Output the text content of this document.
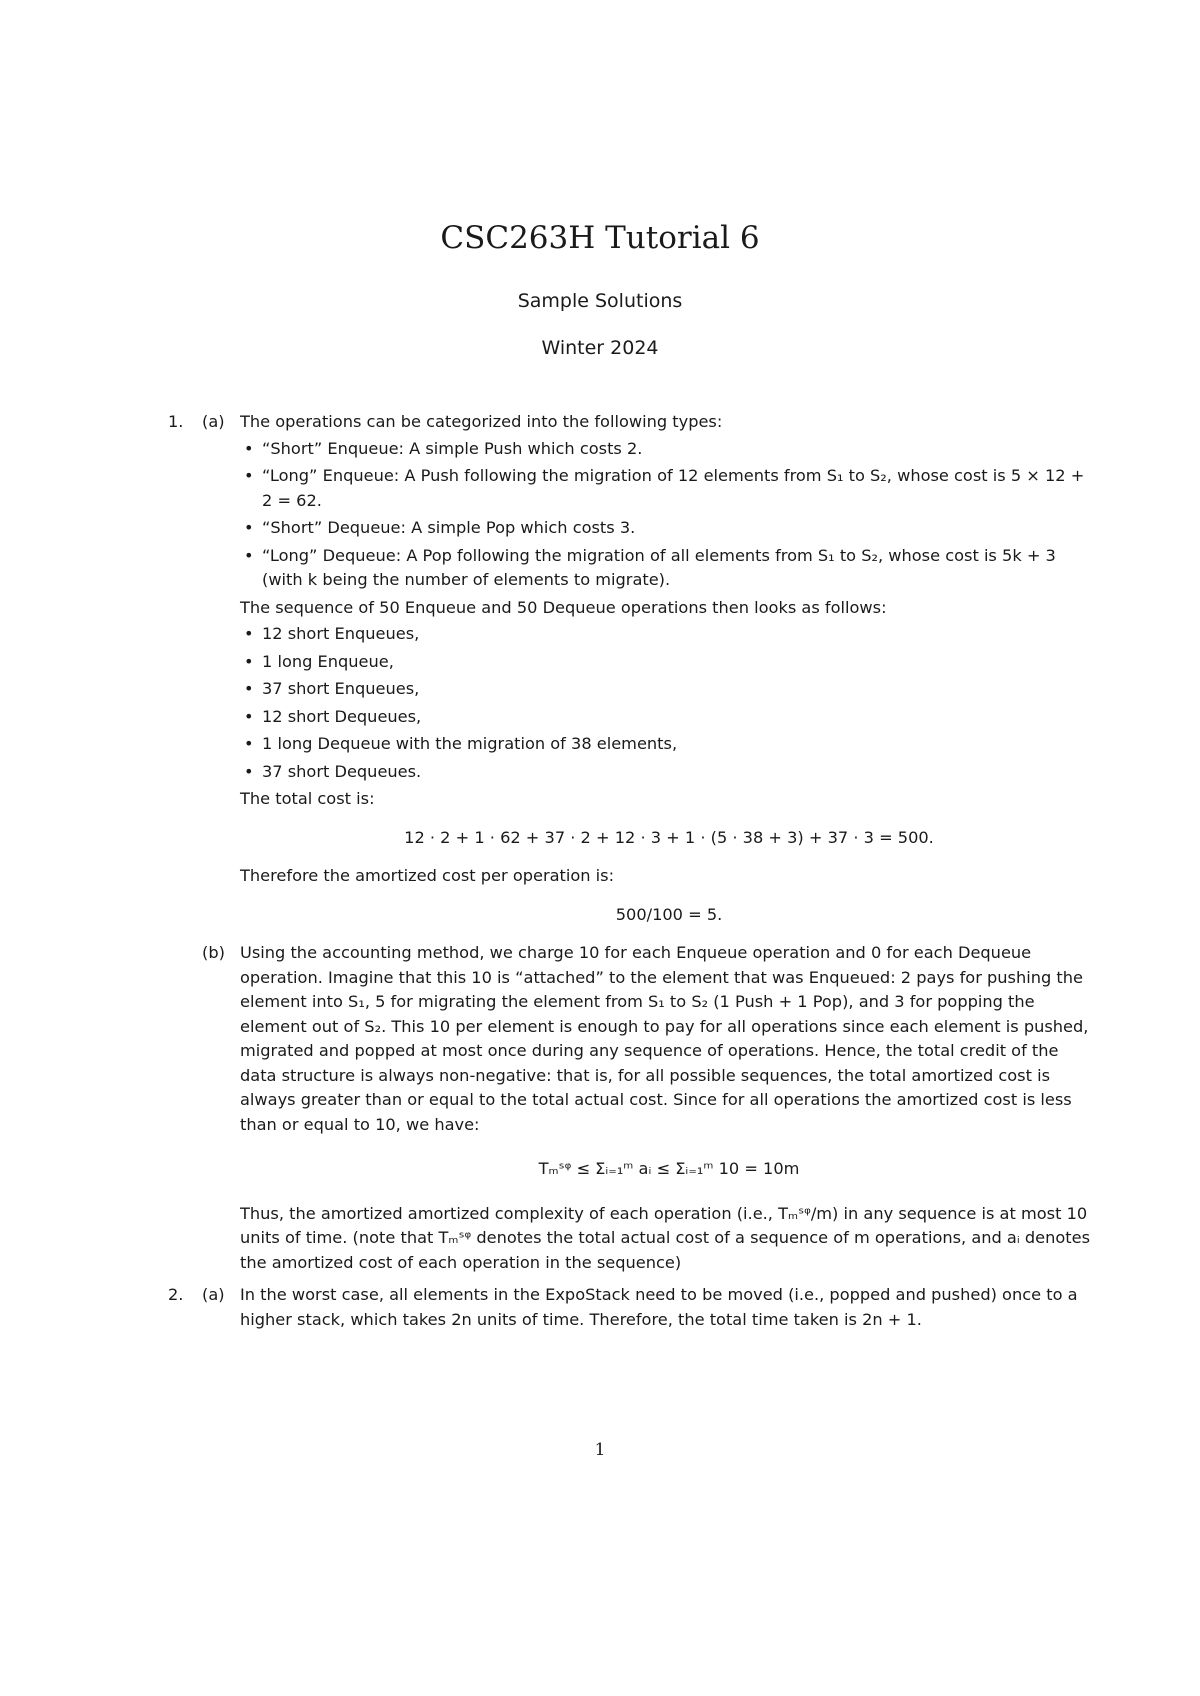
CSC263H Tutorial 6
Sample Solutions
Winter 2024
1. (a) The operations can be categorized into the following types:

• “Short” Enqueue: A simple Push which costs 2.
• “Long” Enqueue: A Push following the migration of 12 elements from S₁ to S₂, whose cost is 5 × 12 + 2 = 62.
• “Short” Dequeue: A simple Pop which costs 3.
• “Long” Dequeue: A Pop following the migration of all elements from S₁ to S₂, whose cost is 5k + 3 (with k being the number of elements to migrate).

The sequence of 50 Enqueue and 50 Dequeue operations then looks as follows:

• 12 short Enqueues,
• 1 long Enqueue,
• 37 short Enqueues,
• 12 short Dequeues,
• 1 long Dequeue with the migration of 38 elements,
• 37 short Dequeues.

The total cost is:

12 · 2 + 1 · 62 + 37 · 2 + 12 · 3 + 1 · (5 · 38 + 3) + 37 · 3 = 500.

Therefore the amortized cost per operation is:

500/100 = 5.
(b) Using the accounting method, we charge 10 for each Enqueue operation and 0 for each Dequeue operation. Imagine that this 10 is “attached” to the element that was Enqueued: 2 pays for pushing the element into S₁, 5 for migrating the element from S₁ to S₂ (1 Push + 1 Pop), and 3 for popping the element out of S₂. This 10 per element is enough to pay for all operations since each element is pushed, migrated and popped at most once during any sequence of operations. Hence, the total credit of the data structure is always non-negative: that is, for all possible sequences, the total amortized cost is always greater than or equal to the total actual cost. Since for all operations the amortized cost is less than or equal to 10, we have:

Tₘˢᵠ ≤ Σᵢ₌₁ᵐ aᵢ ≤ Σᵢ₌₁ᵐ 10 = 10m

Thus, the amortized amortized complexity of each operation (i.e., Tₘˢᵠ/m) in any sequence is at most 10 units of time. (note that Tₘˢᵠ denotes the total actual cost of a sequence of m operations, and aᵢ denotes the amortized cost of each operation in the sequence)

2. (a) In the worst case, all elements in the ExpoStack need to be moved (i.e., popped and pushed) once to a higher stack, which takes 2n units of time. Therefore, the total time taken is 2n + 1.

1
